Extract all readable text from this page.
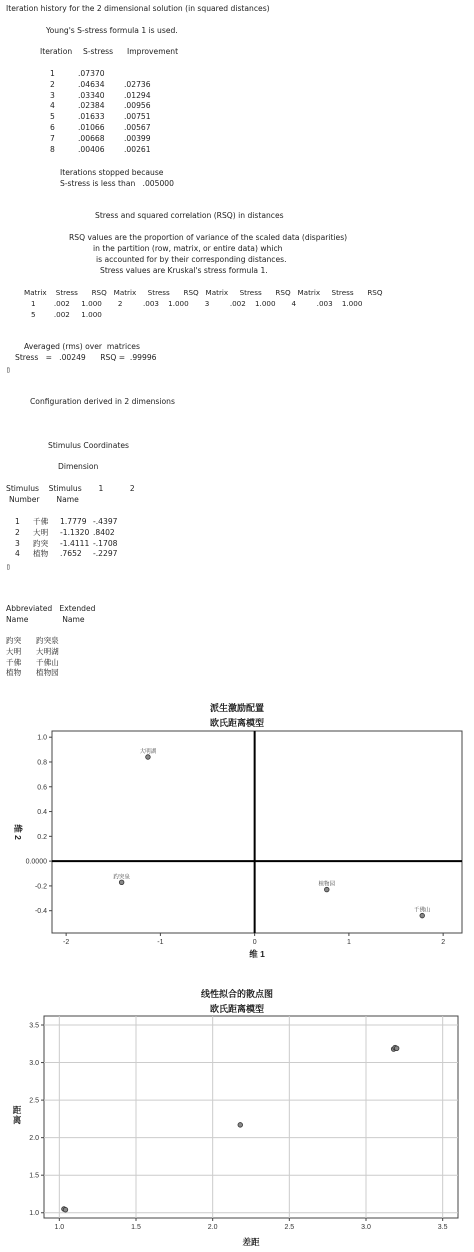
Iteration history for the 2 dimensional solution (in squared distances)
Young's S-stress formula 1 is used.
Iteration S-stress Improvement
1	.07370
2	.04634	.02736
3	.03340	.01294
4	.02384	.00956
5	.01633	.00751
6	.01066	.00567
7	.00668	.00399
8	.00406	.00261
Iterations stopped because
S-stress is less than   .005000
Stress and squared correlation (RSQ) in distances
RSQ values are the proportion of variance of the scaled data (disparities)
in the partition (row, matrix, or entire data) which
is accounted for by their corresponding distances.
Stress values are Kruskal's stress formula 1.
Matrix    Stress      RSQ   Matrix     Stress      RSQ   Matrix     Stress      RSQ   Matrix     Stress      RSQ
1        .002     1.000       2         .003    1.000       3         .002    1.000       4         .003    1.000
5        .002     1.000
Averaged (rms) over  matrices
Stress   =   .00249      RSQ =  .99996
▯
Configuration derived in 2 dimensions
Stimulus Coordinates
Dimension
Stimulus    Stimulus       1           2
Number       Name
1 千佛 1.7779 -.4397
2 大明 -1.1320 .8402
3 趵突 -1.4111 -.1708
4 植物 .7652 -.2297
▯
Abbreviated   Extended
Name              Name
趵突 趵突泉
大明 大明湖
千佛 千佛山
植物 植物园
派生激励配置
欧氏距离模型
-2	-1	0	1	2
1.0
0.8
0.6
0.4
0.2
0.0000
-0.2
-0.4	千佛山
大明湖
趵突泉
植物园
维 1
维 2
线性拟合的散点图
欧氏距离模型
1.0	1.5	2.0	2.5	3.0	3.5
3.5
3.0
2.5
2.0
1.5
1.0
差距
距
离
